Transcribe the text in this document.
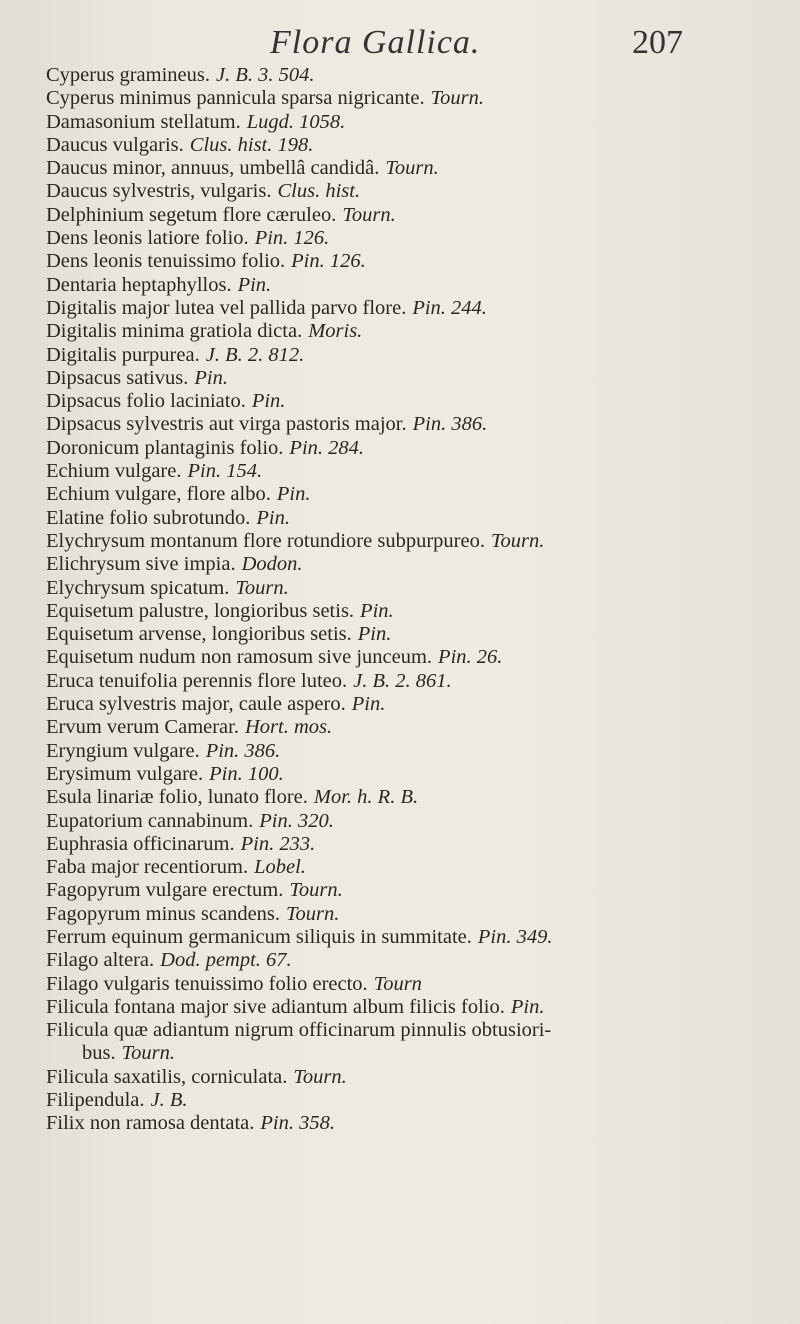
Flora Gallica.	207
Cyperus gramineus. J. B. 3. 504.
Cyperus minimus pannicula sparsa nigricante. Tourn.
Damasonium stellatum. Lugd. 1058.
Daucus vulgaris. Clus. hist. 198.
Daucus minor, annuus, umbellâ candidâ. Tourn.
Daucus sylvestris, vulgaris. Clus. hist.
Delphinium segetum flore cæruleo. Tourn.
Dens leonis latiore folio. Pin. 126.
Dens leonis tenuissimo folio. Pin. 126.
Dentaria heptaphyllos. Pin.
Digitalis major lutea vel pallida parvo flore. Pin. 244.
Digitalis minima gratiola dicta. Moris.
Digitalis purpurea. J. B. 2. 812.
Dipsacus sativus. Pin.
Dipsacus folio laciniato. Pin.
Dipsacus sylvestris aut virga pastoris major. Pin. 386.
Doronicum plantaginis folio. Pin. 284.
Echium vulgare. Pin. 154.
Echium vulgare, flore albo. Pin.
Elatine folio subrotundo. Pin.
Elychrysum montanum flore rotundiore subpurpureo. Tourn.
Elichrysum sive impia. Dodon.
Elychrysum spicatum. Tourn.
Equisetum palustre, longioribus setis. Pin.
Equisetum arvense, longioribus setis. Pin.
Equisetum nudum non ramosum sive junceum. Pin. 26.
Eruca tenuifolia perennis flore luteo. J. B. 2. 861.
Eruca sylvestris major, caule aspero. Pin.
Ervum verum Camerar. Hort. mos.
Eryngium vulgare. Pin. 386.
Erysimum vulgare. Pin. 100.
Esula linariæ folio, lunato flore. Mor. h. R. B.
Eupatorium cannabinum. Pin. 320.
Euphrasia officinarum. Pin. 233.
Faba major recentiorum. Lobel.
Fagopyrum vulgare erectum. Tourn.
Fagopyrum minus scandens. Tourn.
Ferrum equinum germanicum siliquis in summitate. Pin. 349.
Filago altera. Dod. pempt. 67.
Filago vulgaris tenuissimo folio erecto. Tourn
Filicula fontana major sive adiantum album filicis folio. Pin.
Filicula quæ adiantum nigrum officinarum pinnulis obtusiori-
bus. Tourn.
Filicula saxatilis, corniculata. Tourn.
Filipendula. J. B.
Filix non ramosa dentata. Pin. 358.
